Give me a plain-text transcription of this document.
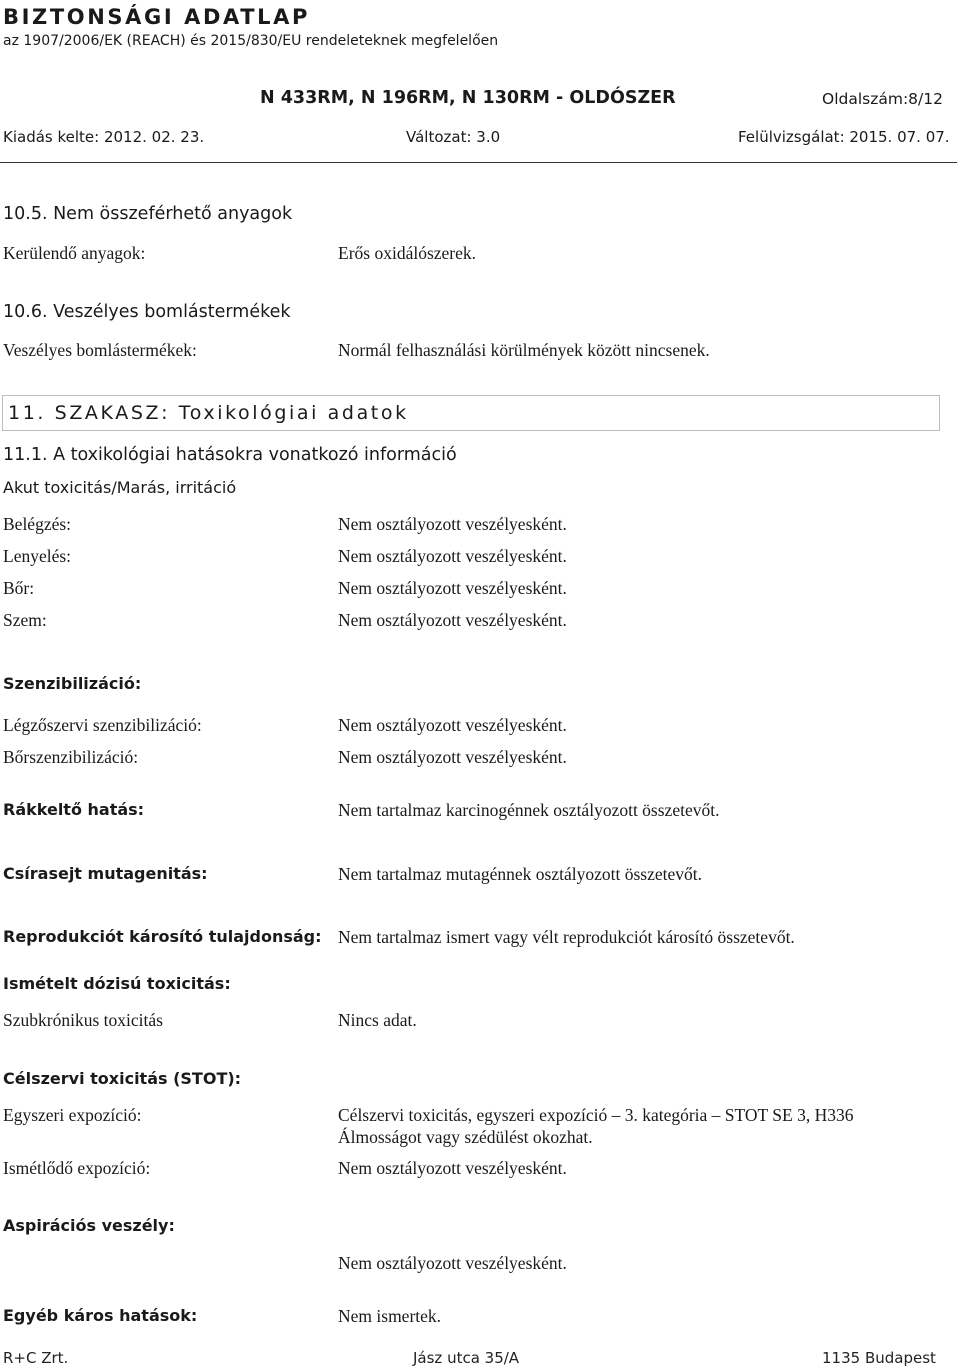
BIZTONSÁGI ADATLAP
az 1907/2006/EK (REACH) és 2015/830/EU rendeleteknek megfelelően
N 433RM, N 196RM, N 130RM - OLDÓSZER	Oldalszám:8/12
Kiadás kelte: 2012. 02. 23.	Változat: 3.0	Felülvizsgálat: 2015. 07. 07.
10.5. Nem összeférhető anyagok
Kerülendő anyagok:	Erős oxidálószerek.
10.6. Veszélyes bomlástermékek
Veszélyes bomlástermékek:	Normál felhasználási körülmények között nincsenek.
11. SZAKASZ: Toxikológiai adatok
11.1. A toxikológiai hatásokra vonatkozó információ
Akut toxicitás/Marás, irritáció
Belégzés:	Nem osztályozott veszélyesként.
Lenyelés:	Nem osztályozott veszélyesként.
Bőr:	Nem osztályozott veszélyesként.
Szem:	Nem osztályozott veszélyesként.
Szenzibilizáció:
Légzőszervi szenzibilizáció:	Nem osztályozott veszélyesként.
Bőrszenzibilizáció:	Nem osztályozott veszélyesként.
Rákkeltő hatás:	Nem tartalmaz karcinogénnek osztályozott összetevőt.
Csírasejt mutagenitás:	Nem tartalmaz mutagénnek osztályozott összetevőt.
Reprodukciót károsító tulajdonság: Nem tartalmaz ismert vagy vélt reprodukciót károsító összetevőt.
Ismételt dózisú toxicitás:
Szubkrónikus toxicitás	Nincs adat.
Célszervi toxicitás (STOT):
Egyszeri expozíció:	Célszervi toxicitás, egyszeri expozíció – 3. kategória – STOT SE 3, H336
Álmosságot vagy szédülést okozhat.
Ismétlődő expozíció:	Nem osztályozott veszélyesként.
Aspirációs veszély:
Nem osztályozott veszélyesként.
Egyéb káros hatások:	Nem ismertek.
R+C Zrt.	Jász utca 35/A	1135 Budapest
